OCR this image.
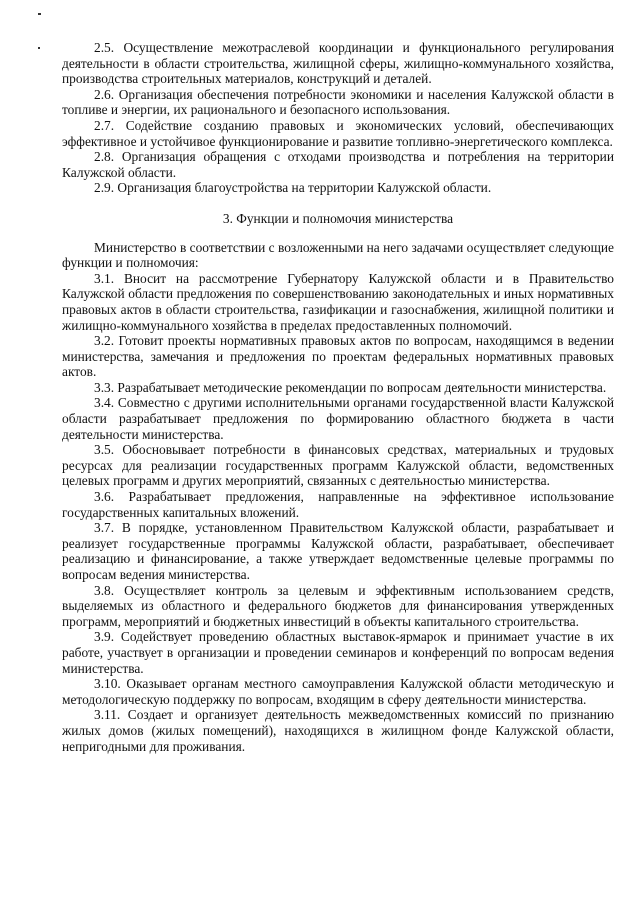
2.5. Осуществление межотраслевой координации и функционального регулирования деятельности в области строительства, жилищной сферы, жилищно-коммунального хозяйства, производства строительных материалов, конструкций и деталей.

2.6. Организация обеспечения потребности экономики и населения Калужской области в топливе и энергии, их рационального и безопасного использования.

2.7. Содействие созданию правовых и экономических условий, обеспечивающих эффективное и устойчивое функционирование и развитие топливно-энергетического комплекса.

2.8. Организация обращения с отходами производства и потребления на территории Калужской области.

2.9. Организация благоустройства на территории Калужской области.

3. Функции и полномочия министерства

Министерство в соответствии с возложенными на него задачами осуществляет следующие функции и полномочия:

3.1. Вносит на рассмотрение Губернатору Калужской области и в Правительство Калужской области предложения по совершенствованию законодательных и иных нормативных правовых актов в области строительства, газификации и газоснабжения, жилищной политики и жилищно-коммунального хозяйства в пределах предоставленных полномочий.

3.2. Готовит проекты нормативных правовых актов по вопросам, находящимся в ведении министерства, замечания и предложения по проектам федеральных нормативных правовых актов.

3.3. Разрабатывает методические рекомендации по вопросам деятельности министерства.

3.4. Совместно с другими исполнительными органами государственной власти Калужской области разрабатывает предложения по формированию областного бюджета в части деятельности министерства.

3.5. Обосновывает потребности в финансовых средствах, материальных и трудовых ресурсах для реализации государственных программ Калужской области, ведомственных целевых программ и других мероприятий, связанных с деятельностью министерства.

3.6. Разрабатывает предложения, направленные на эффективное использование государственных капитальных вложений.

3.7. В порядке, установленном Правительством Калужской области, разрабатывает и реализует государственные программы Калужской области, разрабатывает, обеспечивает реализацию и финансирование, а также утверждает ведомственные целевые программы по вопросам ведения министерства.

3.8. Осуществляет контроль за целевым и эффективным использованием средств, выделяемых из областного и федерального бюджетов для финансирования утвержденных программ, мероприятий и бюджетных инвестиций в объекты капитального строительства.

3.9. Содействует проведению областных выставок-ярмарок и принимает участие в их работе, участвует в организации и проведении семинаров и конференций по вопросам ведения министерства.

3.10. Оказывает органам местного самоуправления Калужской области методическую и методологическую поддержку по вопросам, входящим в сферу деятельности министерства.

3.11. Создает и организует деятельность межведомственных комиссий по признанию жилых домов (жилых помещений), находящихся в жилищном фонде Калужской области, непригодными для проживания.
